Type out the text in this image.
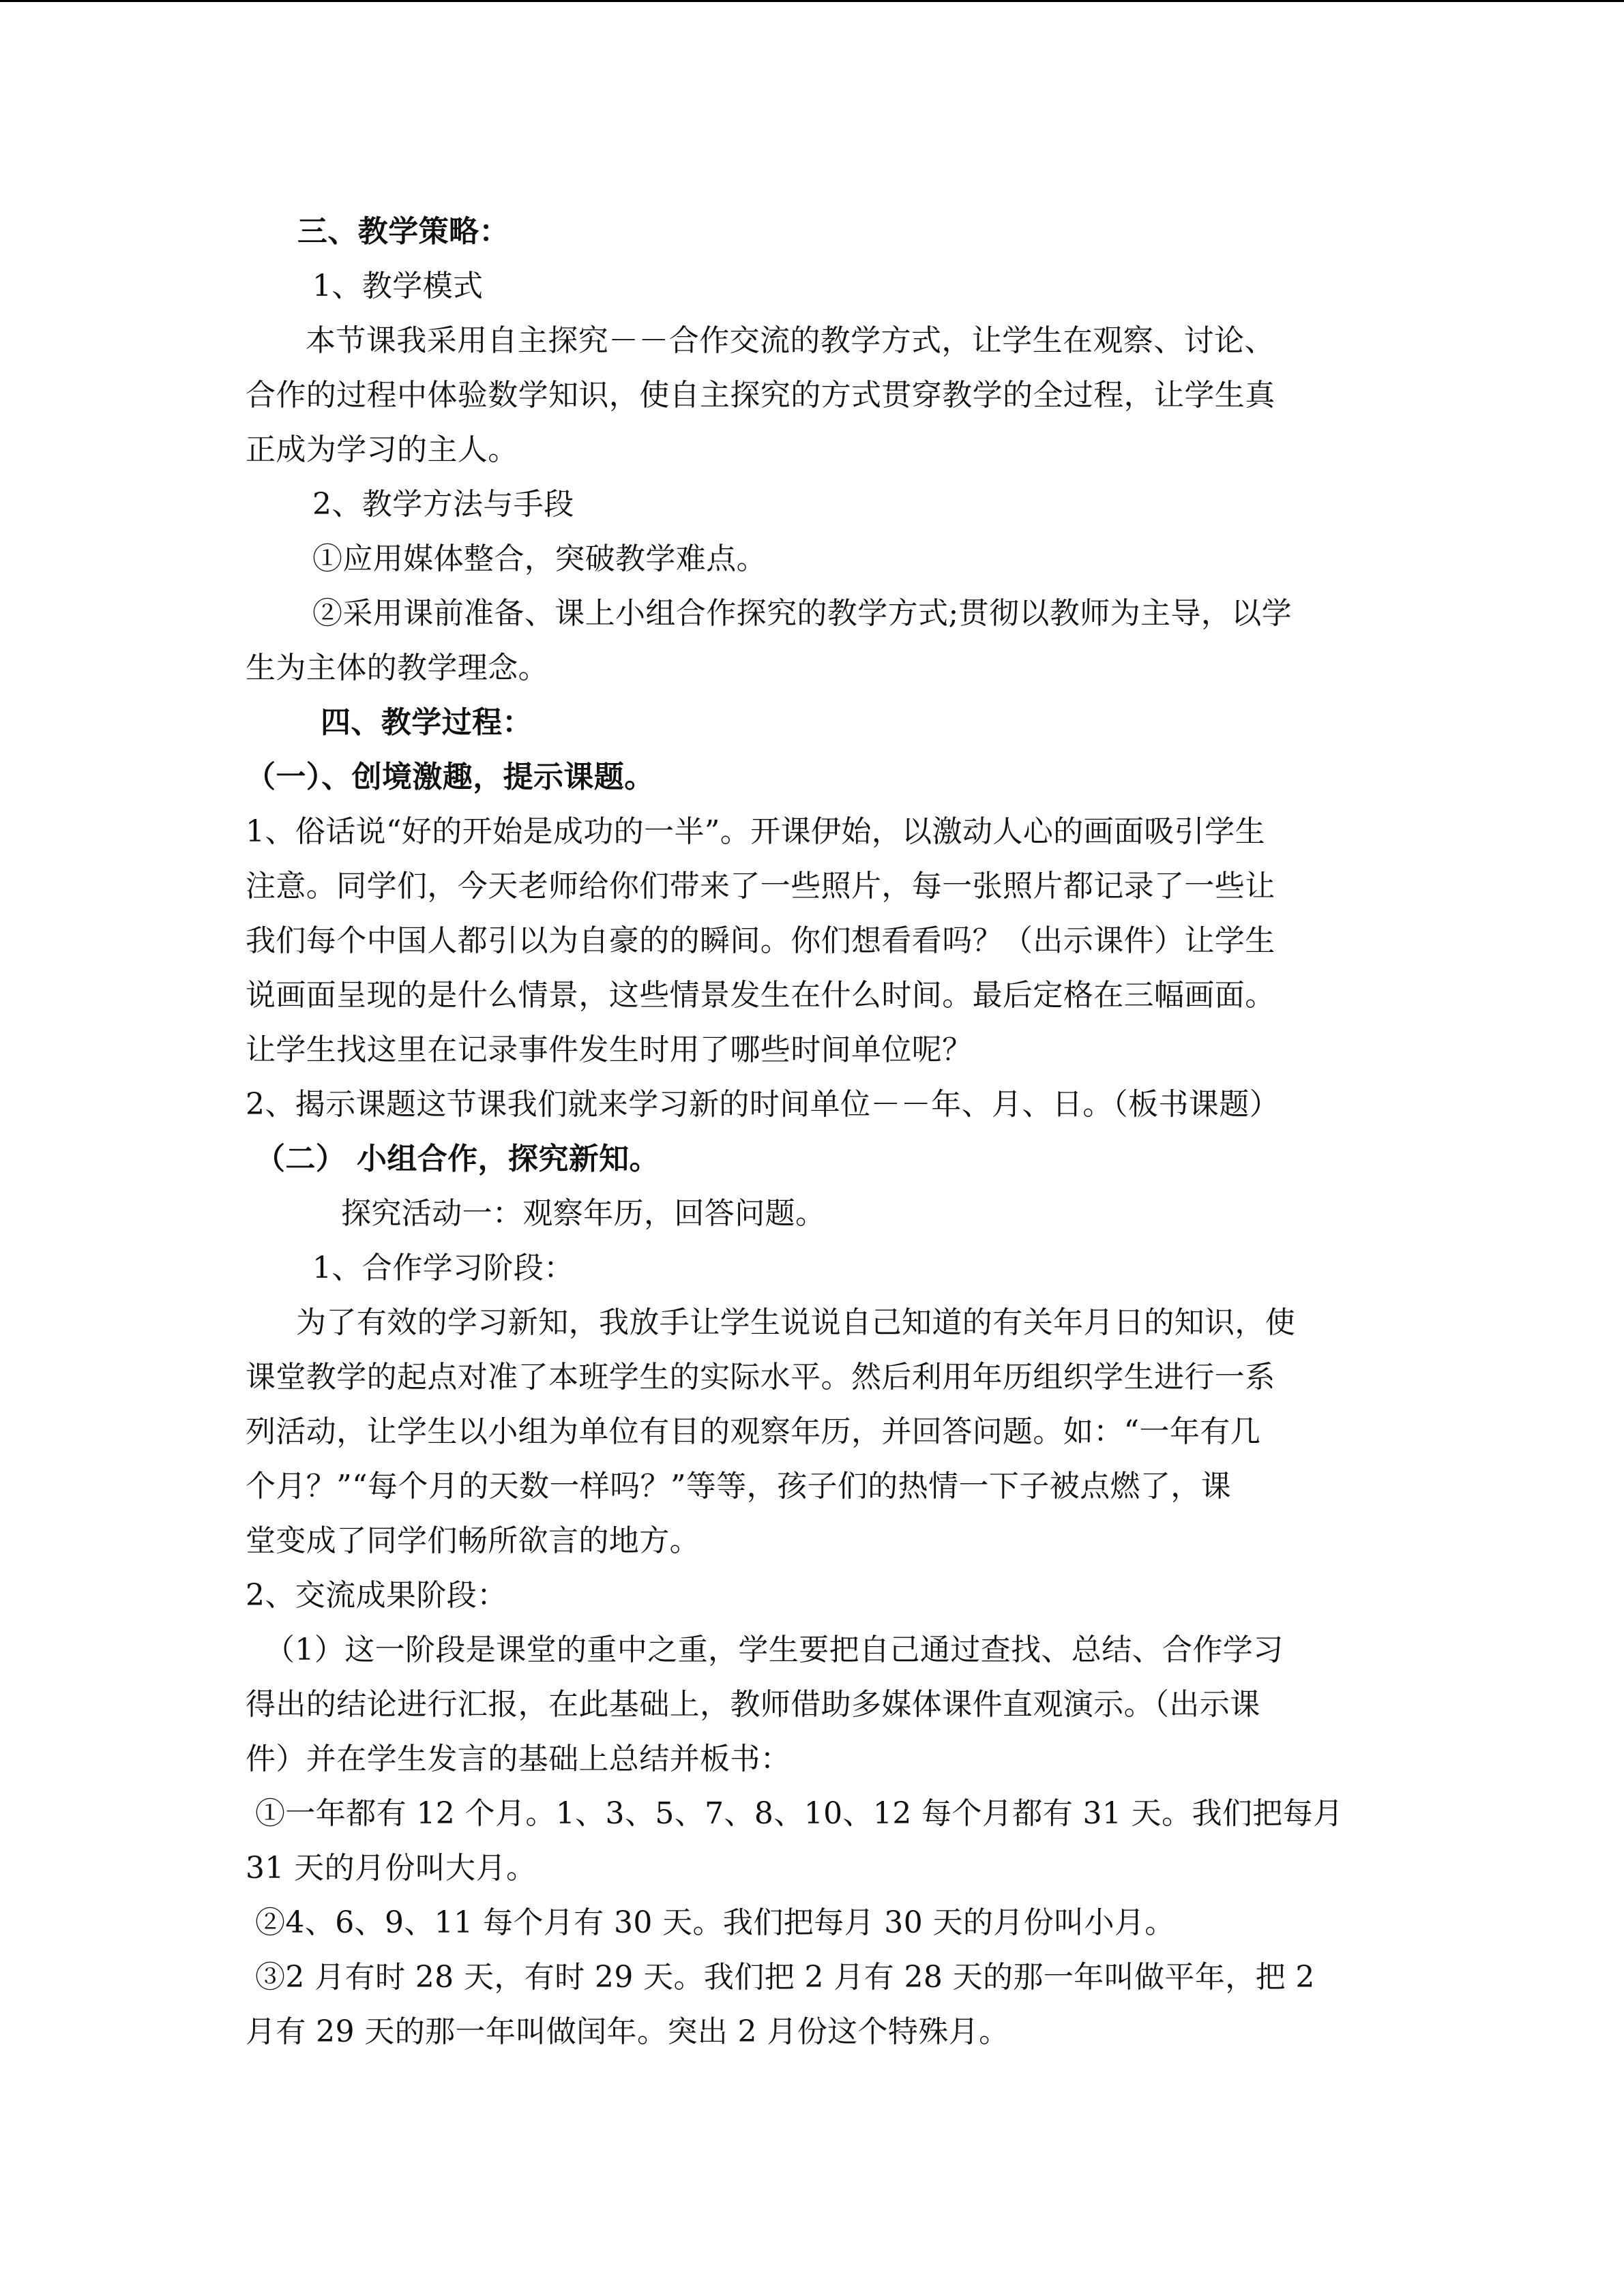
三、教学策略：
1、教学模式
本节课我采用自主探究－－合作交流的教学方式，让学生在观察、讨论、
合作的过程中体验数学知识，使自主探究的方式贯穿教学的全过程，让学生真
正成为学习的主人。
2、教学方法与手段
①应用媒体整合，突破教学难点。
②采用课前准备、课上小组合作探究的教学方式;贯彻以教师为主导，以学
生为主体的教学理念。
四、教学过程：
（一）、创境激趣，提示课题。
1、俗话说“好的开始是成功的一半”。开课伊始，以激动人心的画面吸引学生
注意。同学们，今天老师给你们带来了一些照片，每一张照片都记录了一些让
我们每个中国人都引以为自豪的的瞬间。你们想看看吗？（出示课件）让学生
说画面呈现的是什么情景，这些情景发生在什么时间。最后定格在三幅画面。
让学生找这里在记录事件发生时用了哪些时间单位呢？
2、揭示课题这节课我们就来学习新的时间单位－－年、月、日。（板书课题）
（二） 小组合作，探究新知。
探究活动一：观察年历，回答问题。
1、合作学习阶段：
为了有效的学习新知，我放手让学生说说自己知道的有关年月日的知识，使
课堂教学的起点对准了本班学生的实际水平。然后利用年历组织学生进行一系
列活动，让学生以小组为单位有目的观察年历，并回答问题。如：“一年有几
个月？”“每个月的天数一样吗？”等等，孩子们的热情一下子被点燃了，课
堂变成了同学们畅所欲言的地方。
2、交流成果阶段：
（1）这一阶段是课堂的重中之重，学生要把自己通过查找、总结、合作学习
得出的结论进行汇报，在此基础上，教师借助多媒体课件直观演示。（出示课
件）并在学生发言的基础上总结并板书：
①一年都有 12 个月。1、3、5、7、8、10、12 每个月都有 31 天。我们把每月
31 天的月份叫大月。
②4、6、9、11 每个月有 30 天。我们把每月 30 天的月份叫小月。
③2 月有时 28 天，有时 29 天。我们把 2 月有 28 天的那一年叫做平年，把 2
月有 29 天的那一年叫做闰年。突出 2 月份这个特殊月。
